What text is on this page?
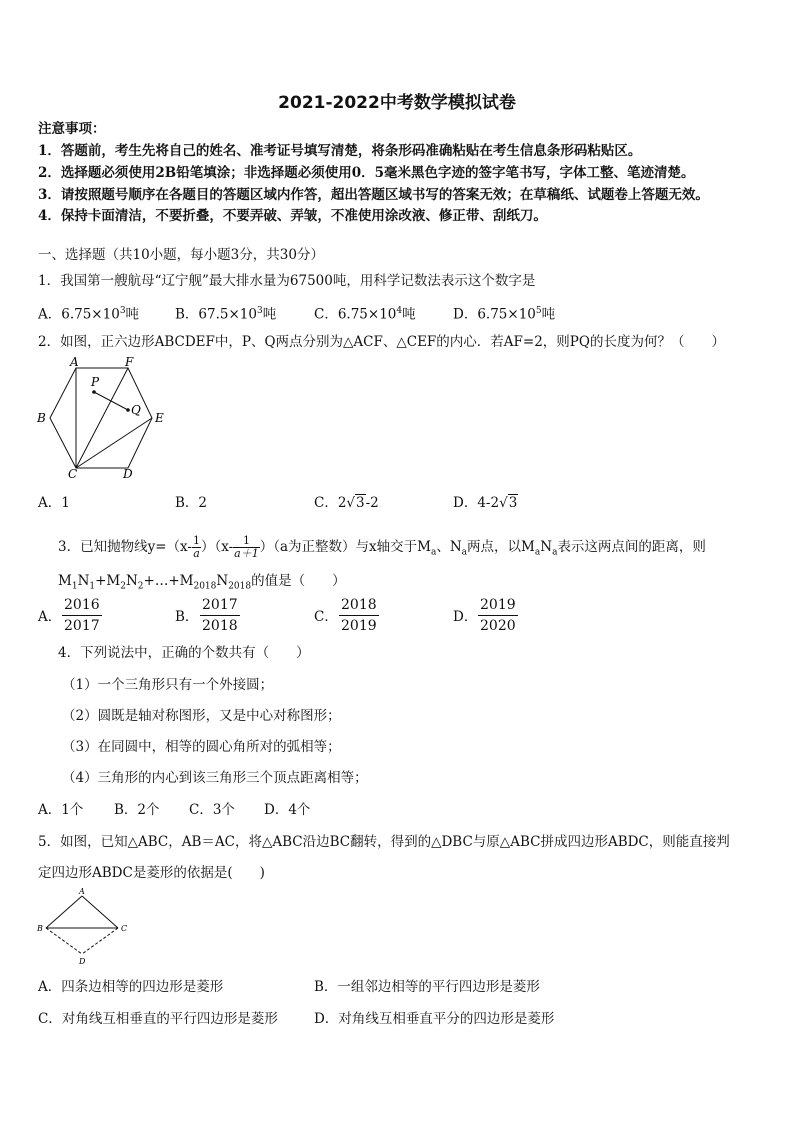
2021-2022中考数学模拟试卷
注意事项：
1．答题前，考生先将自己的姓名、准考证号填写清楚，将条形码准确粘贴在考生信息条形码粘贴区。
2．选择题必须使用2B铅笔填涂；非选择题必须使用0．5毫米黑色字迹的签字笔书写，字体工整、笔迹清楚。
3．请按照题号顺序在各题目的答题区域内作答，超出答题区域书写的答案无效；在草稿纸、试题卷上答题无效。
4．保持卡面清洁，不要折叠，不要弄破、弄皱，不准使用涂改液、修正带、刮纸刀。
一、选择题（共10小题，每小题3分，共30分）
1．我国第一艘航母“辽宁舰”最大排水量为67500吨，用科学记数法表示这个数字是
A．$6.75\times 10^3$吨	B．$67.5\times 10^3$吨	C．$6.75\times 10^4$吨	D．$6.75\times 10^5$吨
2．如图，正六边形ABCDEF中，P、Q两点分别为△ACF、△CEF的内心．若AF=2，则PQ的长度为何？（　　）
A	F
B	E
C	D
P
Q
A．1	B．2	C．2√3-2	D．4-2√3
3．已知抛物线$y=(x- \frac{1}{a} )(x- \frac{1}{a+1} )(a$为正整数）与x轴交于$M_a$、$N_a$两点，以$M_aN_a$表示这两点间的距离，则
$M_1N_1+M_2N_2+\dots+M_{2018}N_{2018}$的值是（　　）
A． $\frac{2016}{2017}$	B． $\frac{2017}{2018}$	C． $\frac{2018}{2019}$	D． $\frac{2019}{2020}$
4．下列说法中，正确的个数共有（　　）
（1）一个三角形只有一个外接圆；
（2）圆既是轴对称图形，又是中心对称图形；
（3）在同圆中，相等的圆心角所对的弧相等；
（4）三角形的内心到该三角形三个顶点距离相等；
A．1个 B．2个 C．3个 D．4个
5．如图，已知△ABC，AB＝AC，将△ABC沿边BC翻转，得到的△DBC与原△ABC拼成四边形ABDC，则能直接判
定四边形ABDC是菱形的依据是(　　)
A
B	C
D
A．四条边相等的四边形是菱形	B．一组邻边相等的平行四边形是菱形
C．对角线互相垂直的平行四边形是菱形	D．对角线互相垂直平分的四边形是菱形
